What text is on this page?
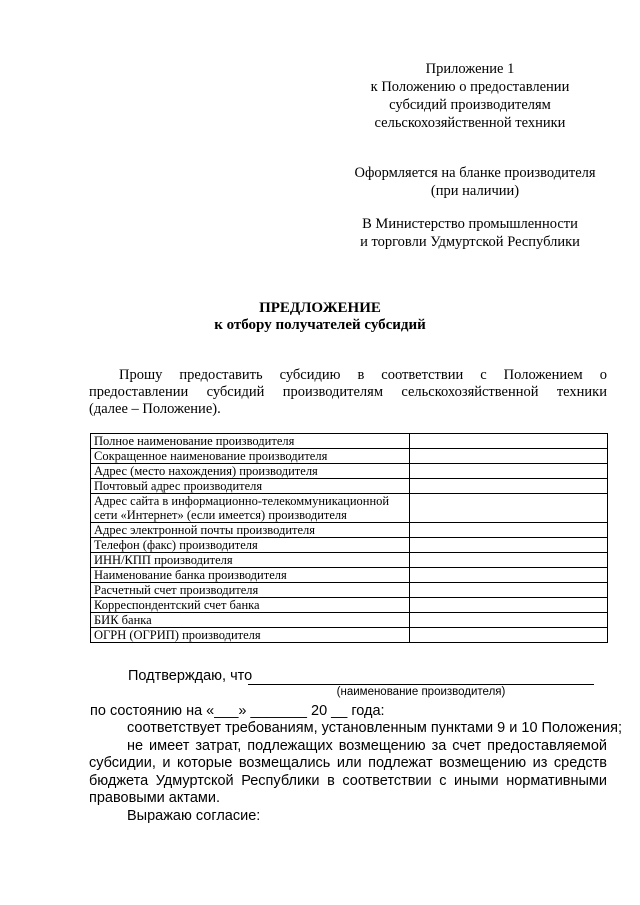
Приложение 1
к Положению о предоставлении
субсидий производителям
сельскохозяйственной техники
Оформляется на бланке производителя
(при наличии)
В Министерство промышленности
и торговли Удмуртской Республики
ПРЕДЛОЖЕНИЕ
к отбору получателей субсидий
Прошу предоставить субсидию в соответствии с Положением о
предоставлении субсидий производителям сельскохозяйственной техники
(далее – Положение).
Полное наименование производителя	
Сокращенное наименование производителя	
Адрес (место нахождения) производителя	
Почтовый адрес производителя	
Адрес сайта в информационно-телекоммуникационной сети «Интернет» (если имеется) производителя	
Адрес электронной почты производителя	
Телефон (факс) производителя	
ИНН/КПП производителя	
Наименование банка производителя	
Расчетный счет производителя	
Корреспондентский счет банка	
БИК банка	
ОГРН (ОГРИП) производителя	
Подтверждаю, что
(наименование производителя)
по состоянию на «___» _______ 20 __ года:
соответствует требованиям, установленным пунктами 9 и 10 Положения;
не имеет затрат, подлежащих возмещению за счет предоставляемой
субсидии, и которые возмещались или подлежат возмещению из средств
бюджета Удмуртской Республики в соответствии с иными нормативными
правовыми актами.
Выражаю согласие:
